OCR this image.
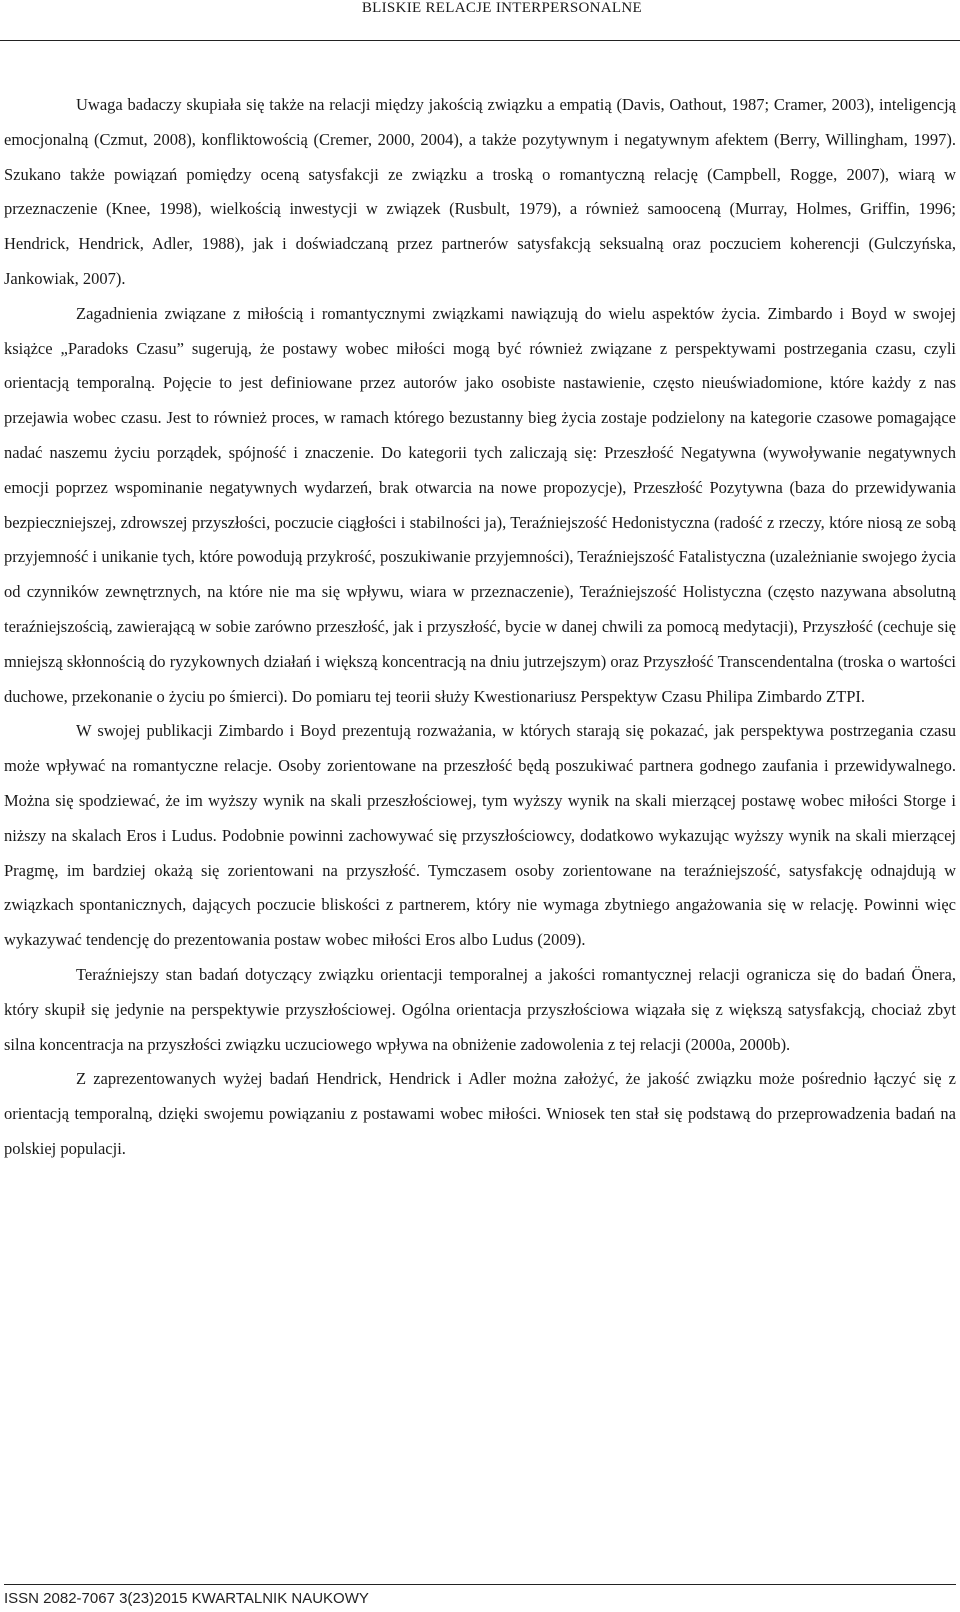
BLISKIE RELACJE INTERPERSONALNE

Uwaga badaczy skupiała się także na relacji między jakością związku a empatią (Davis, Oathout, 1987; Cramer, 2003), inteligencją emocjonalną (Czmut, 2008), konfliktowością (Cremer, 2000, 2004), a także pozytywnym i negatywnym afektem (Berry, Willingham, 1997). Szukano także powiązań pomiędzy oceną satysfakcji ze związku a troską o romantyczną relację (Campbell, Rogge, 2007), wiarą w przeznaczenie (Knee, 1998), wielkością inwestycji w związek (Rusbult, 1979), a również samooceną (Murray, Holmes, Griffin, 1996; Hendrick, Hendrick, Adler, 1988), jak i doświadczaną przez partnerów satysfakcją seksualną oraz poczuciem koherencji (Gulczyńska, Jankowiak, 2007).

Zagadnienia związane z miłością i romantycznymi związkami nawiązują do wielu aspektów życia. Zimbardo i Boyd w swojej książce „Paradoks Czasu” sugerują, że postawy wobec miłości mogą być również związane z perspektywami postrzegania czasu, czyli orientacją temporalną. Pojęcie to jest definiowane przez autorów jako osobiste nastawienie, często nieuświadomione, które każdy z nas przejawia wobec czasu. Jest to również proces, w ramach którego bezustanny bieg życia zostaje podzielony na kategorie czasowe pomagające nadać naszemu życiu porządek, spójność i znaczenie. Do kategorii tych zaliczają się: Przeszłość Negatywna (wywoływanie negatywnych emocji poprzez wspominanie negatywnych wydarzeń, brak otwarcia na nowe propozycje), Przeszłość Pozytywna (baza do przewidywania bezpieczniejszej, zdrowszej przyszłości, poczucie ciągłości i stabilności ja), Teraźniejszość Hedonistyczna (radość z rzeczy, które niosą ze sobą przyjemność i unikanie tych, które powodują przykrość, poszukiwanie przyjemności), Teraźniejszość Fatalistyczna (uzależnianie swojego życia od czynników zewnętrznych, na które nie ma się wpływu, wiara w przeznaczenie), Teraźniejszość Holistyczna (często nazywana absolutną teraźniejszością, zawierającą w sobie zarówno przeszłość, jak i przyszłość, bycie w danej chwili za pomocą medytacji), Przyszłość (cechuje się mniejszą skłonnością do ryzykownych działań i większą koncentracją na dniu jutrzejszym) oraz Przyszłość Transcendentalna (troska o wartości duchowe, przekonanie o życiu po śmierci). Do pomiaru tej teorii służy Kwestionariusz Perspektyw Czasu Philipa Zimbardo ZTPI.

W swojej publikacji Zimbardo i Boyd prezentują rozważania, w których starają się pokazać, jak perspektywa postrzegania czasu może wpływać na romantyczne relacje. Osoby zorientowane na przeszłość będą poszukiwać partnera godnego zaufania i przewidywalnego. Można się spodziewać, że im wyższy wynik na skali przeszłościowej, tym wyższy wynik na skali mierzącej postawę wobec miłości Storge i niższy na skalach Eros i Ludus. Podobnie powinni zachowywać się przyszłościowcy, dodatkowo wykazując wyższy wynik na skali mierzącej Pragmę, im bardziej okażą się zorientowani na przyszłość. Tymczasem osoby zorientowane na teraźniejszość, satysfakcję odnajdują w związkach spontanicznych, dających poczucie bliskości z partnerem, który nie wymaga zbytniego angażowania się w relację. Powinni więc wykazywać tendencję do prezentowania postaw wobec miłości Eros albo Ludus (2009).

Teraźniejszy stan badań dotyczący związku orientacji temporalnej a jakości romantycznej relacji ogranicza się do badań Önera, który skupił się jedynie na perspektywie przyszłościowej. Ogólna orientacja przyszłościowa wiązała się z większą satysfakcją, chociaż zbyt silna koncentracja na przyszłości związku uczuciowego wpływa na obniżenie zadowolenia z tej relacji (2000a, 2000b).

Z zaprezentowanych wyżej badań Hendrick, Hendrick i Adler można założyć, że jakość związku może pośrednio łączyć się z orientacją temporalną, dzięki swojemu powiązaniu z postawami wobec miłości. Wniosek ten stał się podstawą do przeprowadzenia badań na polskiej populacji.

ISSN 2082-7067 3(23)2015 KWARTALNIK NAUKOWY
